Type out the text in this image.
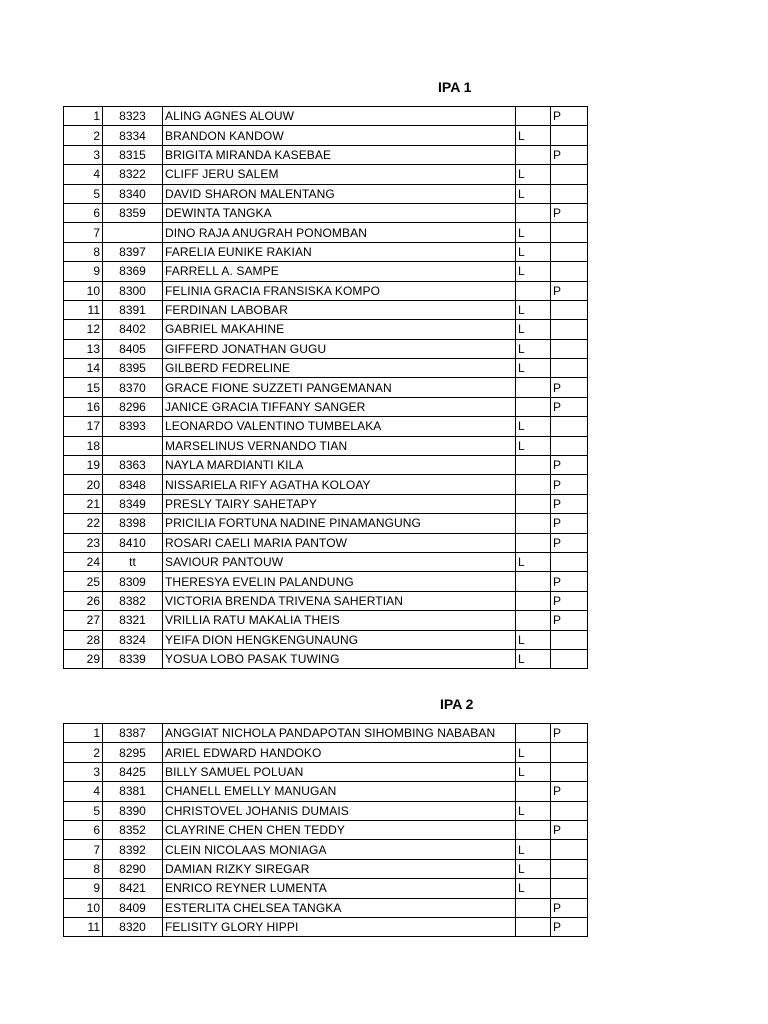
IPA 1
1	8323	ALING AGNES ALOUW		P
2	8334	BRANDON KANDOW	L	
3	8315	BRIGITA MIRANDA KASEBAE		P
4	8322	CLIFF JERU SALEM	L	
5	8340	DAVID SHARON MALENTANG	L	
6	8359	DEWINTA TANGKA		P
7		DINO RAJA ANUGRAH PONOMBAN	L	
8	8397	FARELIA EUNIKE RAKIAN	L	
9	8369	FARRELL A. SAMPE	L	
10	8300	FELINIA GRACIA FRANSISKA KOMPO		P
11	8391	FERDINAN LABOBAR	L	
12	8402	GABRIEL MAKAHINE	L	
13	8405	GIFFERD JONATHAN GUGU	L	
14	8395	GILBERD FEDRELINE	L	
15	8370	GRACE FIONE SUZZETI PANGEMANAN		P
16	8296	JANICE GRACIA TIFFANY SANGER		P
17	8393	LEONARDO VALENTINO TUMBELAKA	L	
18		MARSELINUS VERNANDO TIAN	L	
19	8363	NAYLA MARDIANTI KILA		P
20	8348	NISSARIELA RIFY AGATHA KOLOAY		P
21	8349	PRESLY TAIRY SAHETAPY		P
22	8398	PRICILIA FORTUNA NADINE PINAMANGUNG		P
23	8410	ROSARI CAELI MARIA PANTOW		P
24	tt	SAVIOUR PANTOUW	L	
25	8309	THERESYA EVELIN PALANDUNG		P
26	8382	VICTORIA BRENDA TRIVENA SAHERTIAN		P
27	8321	VRILLIA RATU MAKALIA THEIS		P
28	8324	YEIFA DION HENGKENGUNAUNG	L	
29	8339	YOSUA LOBO PASAK TUWING	L	
IPA 2
1	8387	ANGGIAT NICHOLA PANDAPOTAN SIHOMBING NABABAN		P
2	8295	ARIEL EDWARD HANDOKO	L	
3	8425	BILLY SAMUEL POLUAN	L	
4	8381	CHANELL EMELLY MANUGAN		P
5	8390	CHRISTOVEL JOHANIS DUMAIS	L	
6	8352	CLAYRINE CHEN CHEN TEDDY		P
7	8392	CLEIN NICOLAAS MONIAGA	L	
8	8290	DAMIAN RIZKY SIREGAR	L	
9	8421	ENRICO REYNER LUMENTA	L	
10	8409	ESTERLITA CHELSEA TANGKA		P
11	8320	FELISITY GLORY HIPPI		P
